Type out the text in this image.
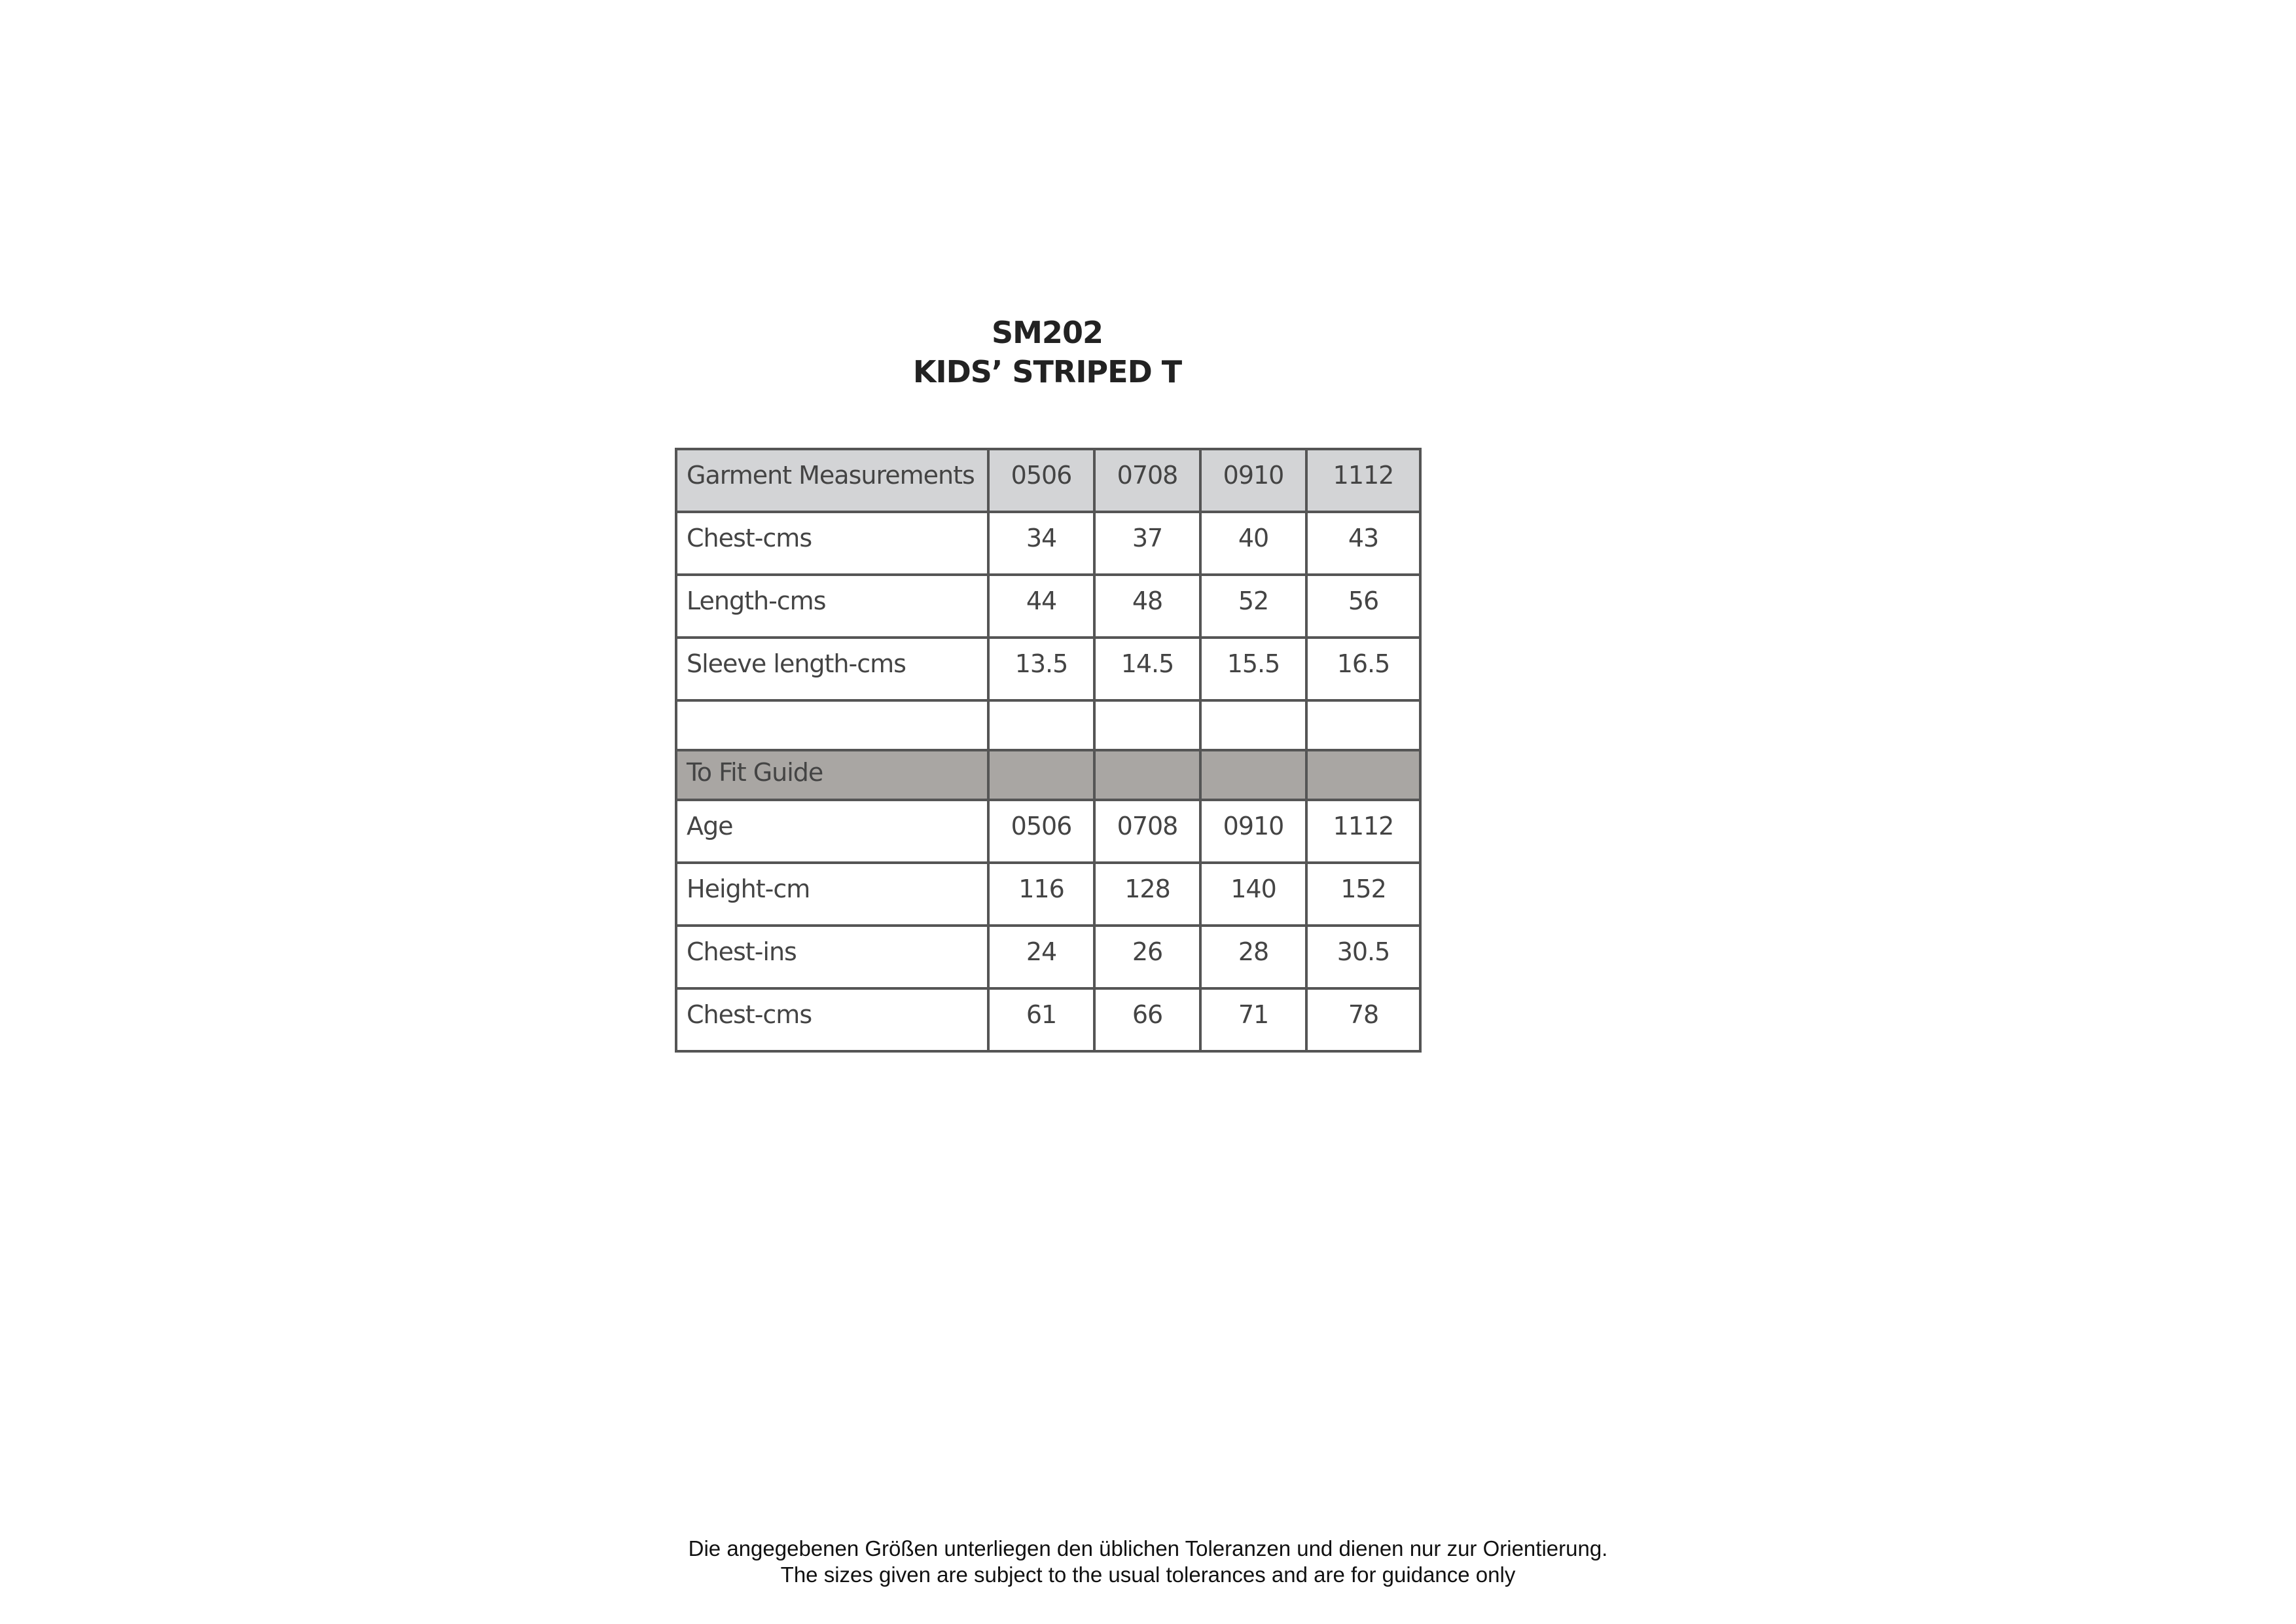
SM202
KIDS’ STRIPED T
Garment Measurements	0506	0708	0910	1112

Chest-cms	34	37	40	43

Length-cms	44	48	52	56

Sleeve length-cms	13.5	14.5	15.5	16.5

To Fit Guide				

Age	0506	0708	0910	1112

Height-cm	116	128	140	152

Chest-ins	24	26	28	30.5

Chest-cms	61	66	71	78
Die angegebenen Größen unterliegen den üblichen Toleranzen und dienen nur zur Orientierung.
The sizes given are subject to the usual tolerances and are for guidance only
